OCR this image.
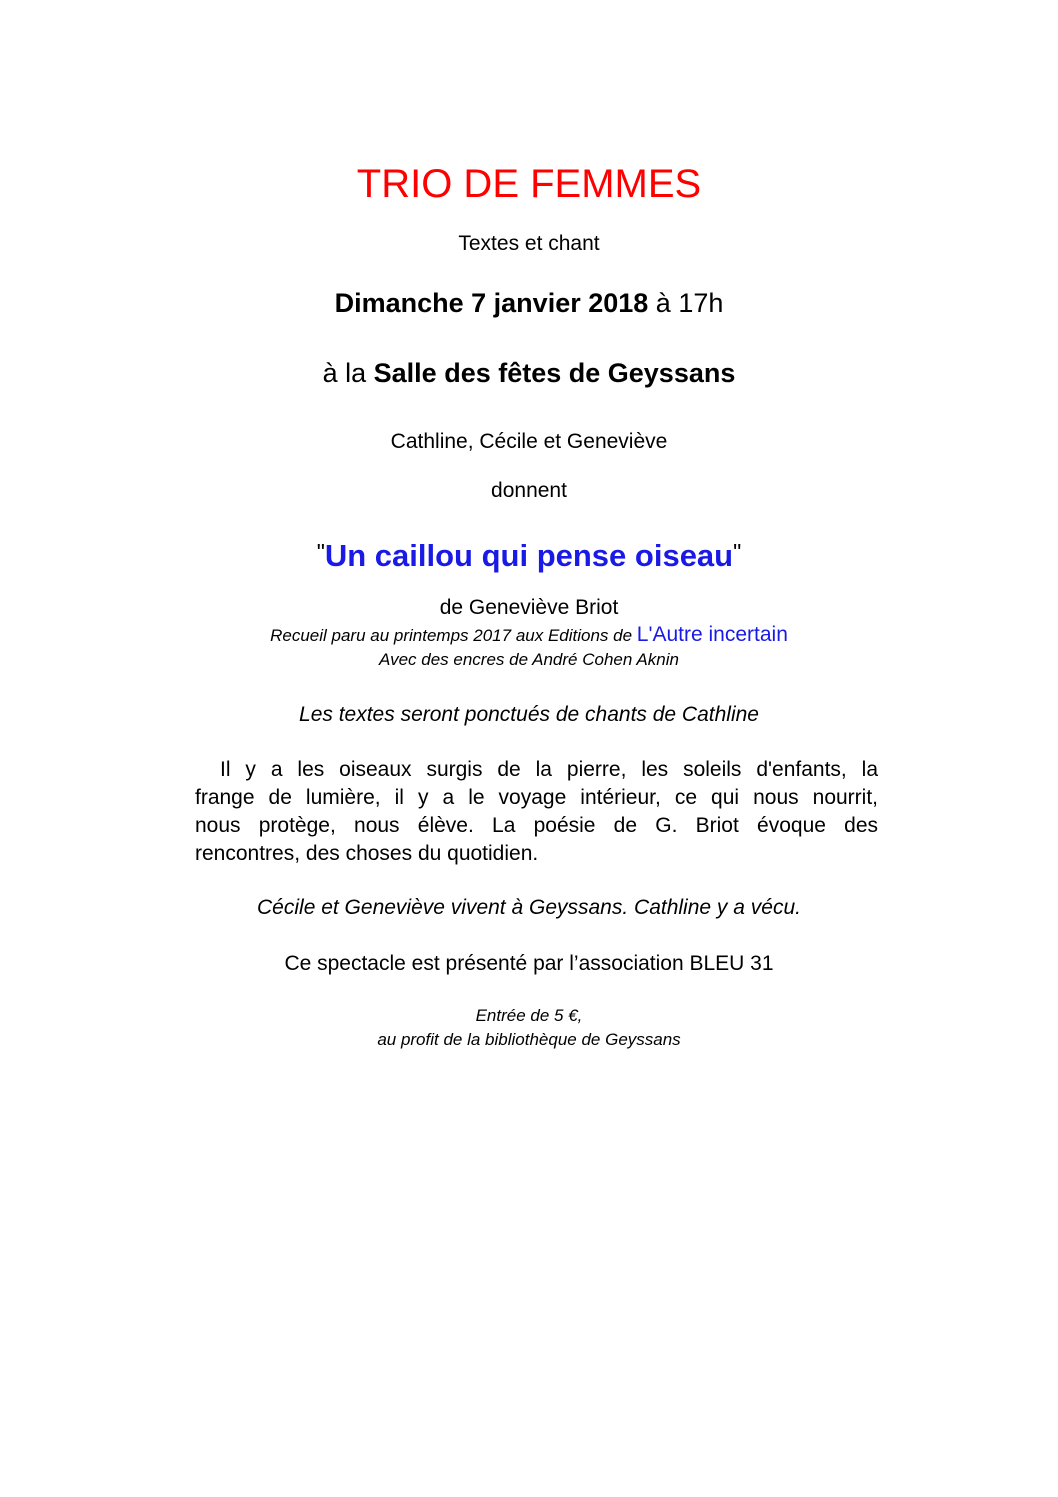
TRIO DE FEMMES
Textes et chant
Dimanche 7 janvier 2018 à 17h
à la Salle des fêtes de Geyssans
Cathline, Cécile et Geneviève
donnent
"Un caillou qui pense oiseau"
de Geneviève Briot
Recueil paru au printemps 2017 aux Editions de L'Autre incertain
Avec des encres de André Cohen Aknin
Les textes seront ponctués de chants de Cathline
Il y a les oiseaux surgis de la pierre, les soleils d'enfants, la
frange de lumière, il y a le voyage intérieur, ce qui nous nourrit,
nous protège, nous élève. La poésie de G. Briot évoque des
rencontres, des choses du quotidien.
Cécile et Geneviève vivent à Geyssans. Cathline y a vécu.
Ce spectacle est présenté par l’association BLEU 31
Entrée de 5 €,
au profit de la bibliothèque de Geyssans
